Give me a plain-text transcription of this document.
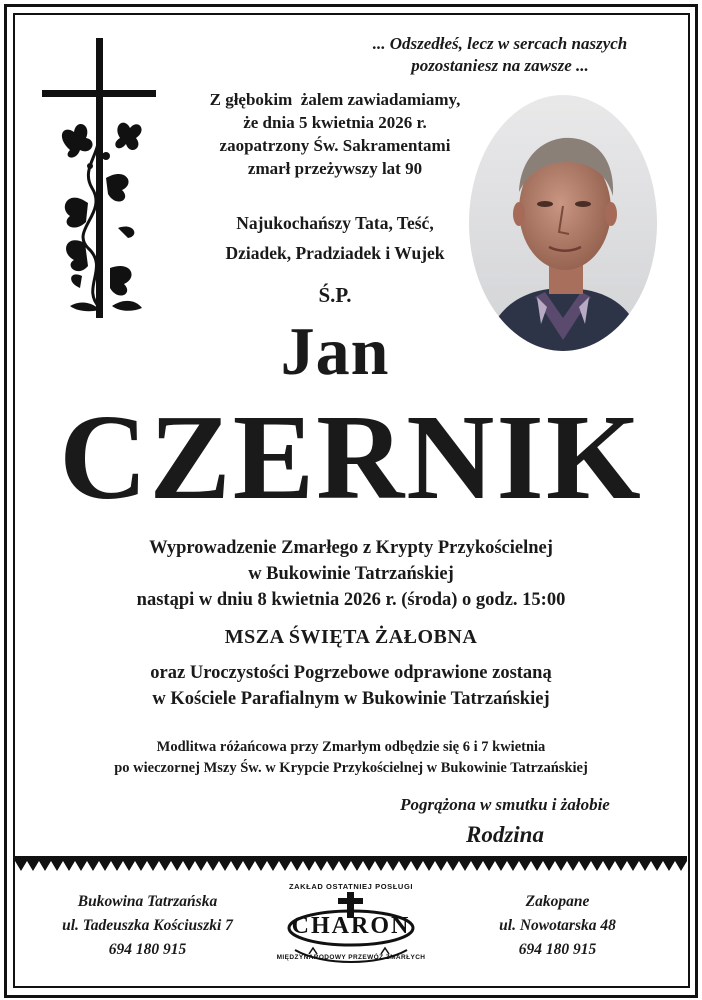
... Odszedłeś, lecz w sercach naszych
pozostaniesz na zawsze ...
Z głębokim  żalem zawiadamiamy,
że dnia 5 kwietnia 2026 r.
zaopatrzony Św. Sakramentami
zmarł przeżywszy lat 90
Najukochańszy Tata, Teść,
Dziadek, Pradziadek i Wujek
Ś.P.
Jan
CZERNIK
Wyprowadzenie Zmarłego z Krypty Przykościelnej
w Bukowinie Tatrzańskiej
nastąpi w dniu 8 kwietnia 2026 r. (środa) o godz. 15:00
MSZA ŚWIĘTA ŻAŁOBNA
oraz Uroczystości Pogrzebowe odprawione zostaną
w Kościele Parafialnym w Bukowinie Tatrzańskiej
Modlitwa różańcowa przy Zmarłym odbędzie się 6 i 7 kwietnia
po wieczornej Mszy Św. w Krypcie Przykościelnej w Bukowinie Tatrzańskiej
Pogrążona w smutku i żałobie
Rodzina
Bukowina Tatrzańska
ul. Tadeuszka Kościuszki 7
694 180 915
ZAKŁAD OSTATNIEJ POSŁUGI
CHARON
MIĘDZYNARODOWY PRZEWÓZ ZMARŁYCH
Zakopane
ul. Nowotarska 48
694 180 915
